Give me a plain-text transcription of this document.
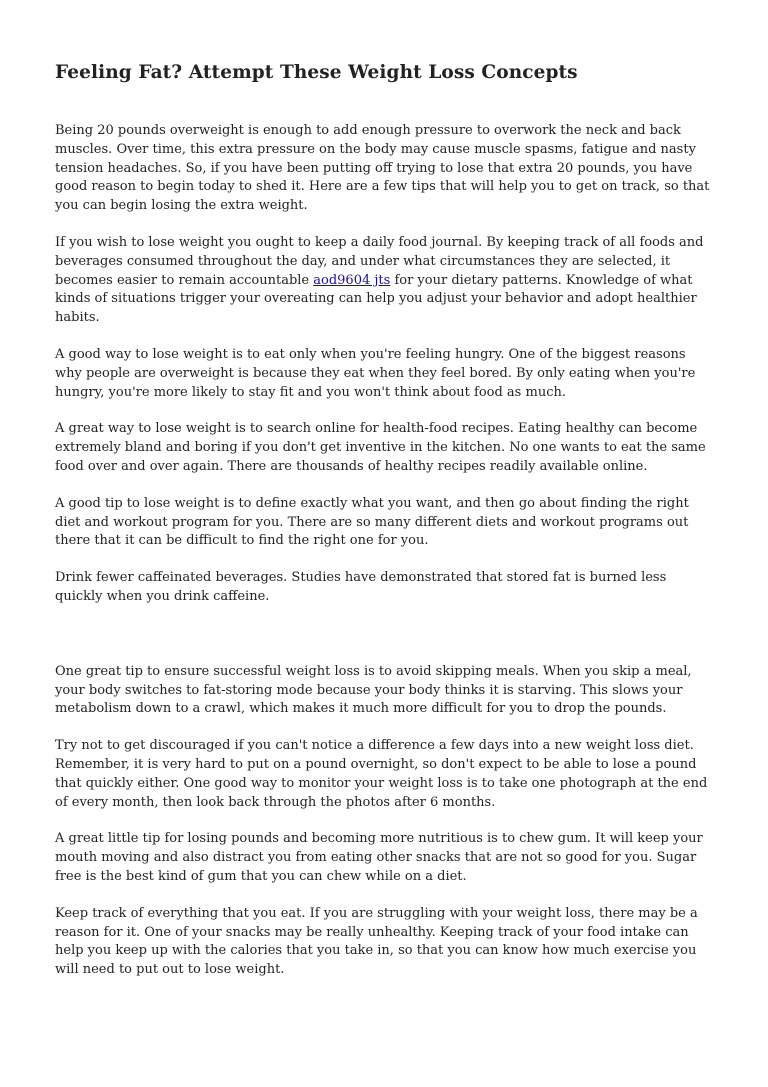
Feeling Fat? Attempt These Weight Loss Concepts

Being 20 pounds overweight is enough to add enough pressure to overwork the neck and back muscles. Over time, this extra pressure on the body may cause muscle spasms, fatigue and nasty tension headaches. So, if you have been putting off trying to lose that extra 20 pounds, you have good reason to begin today to shed it. Here are a few tips that will help you to get on track, so that you can begin losing the extra weight.

If you wish to lose weight you ought to keep a daily food journal. By keeping track of all foods and beverages consumed throughout the day, and under what circumstances they are selected, it becomes easier to remain accountable aod9604 jts for your dietary patterns. Knowledge of what kinds of situations trigger your overeating can help you adjust your behavior and adopt healthier habits.

A good way to lose weight is to eat only when you're feeling hungry. One of the biggest reasons why people are overweight is because they eat when they feel bored. By only eating when you're hungry, you're more likely to stay fit and you won't think about food as much.

A great way to lose weight is to search online for health-food recipes. Eating healthy can become extremely bland and boring if you don't get inventive in the kitchen. No one wants to eat the same food over and over again. There are thousands of healthy recipes readily available online.

A good tip to lose weight is to define exactly what you want, and then go about finding the right diet and workout program for you. There are so many different diets and workout programs out there that it can be difficult to find the right one for you.

Drink fewer caffeinated beverages. Studies have demonstrated that stored fat is burned less quickly when you drink caffeine.

One great tip to ensure successful weight loss is to avoid skipping meals. When you skip a meal, your body switches to fat-storing mode because your body thinks it is starving. This slows your metabolism down to a crawl, which makes it much more difficult for you to drop the pounds.

Try not to get discouraged if you can't notice a difference a few days into a new weight loss diet. Remember, it is very hard to put on a pound overnight, so don't expect to be able to lose a pound that quickly either. One good way to monitor your weight loss is to take one photograph at the end of every month, then look back through the photos after 6 months.

A great little tip for losing pounds and becoming more nutritious is to chew gum. It will keep your mouth moving and also distract you from eating other snacks that are not so good for you. Sugar free is the best kind of gum that you can chew while on a diet.

Keep track of everything that you eat. If you are struggling with your weight loss, there may be a reason for it. One of your snacks may be really unhealthy. Keeping track of your food intake can help you keep up with the calories that you take in, so that you can know how much exercise you will need to put out to lose weight.
